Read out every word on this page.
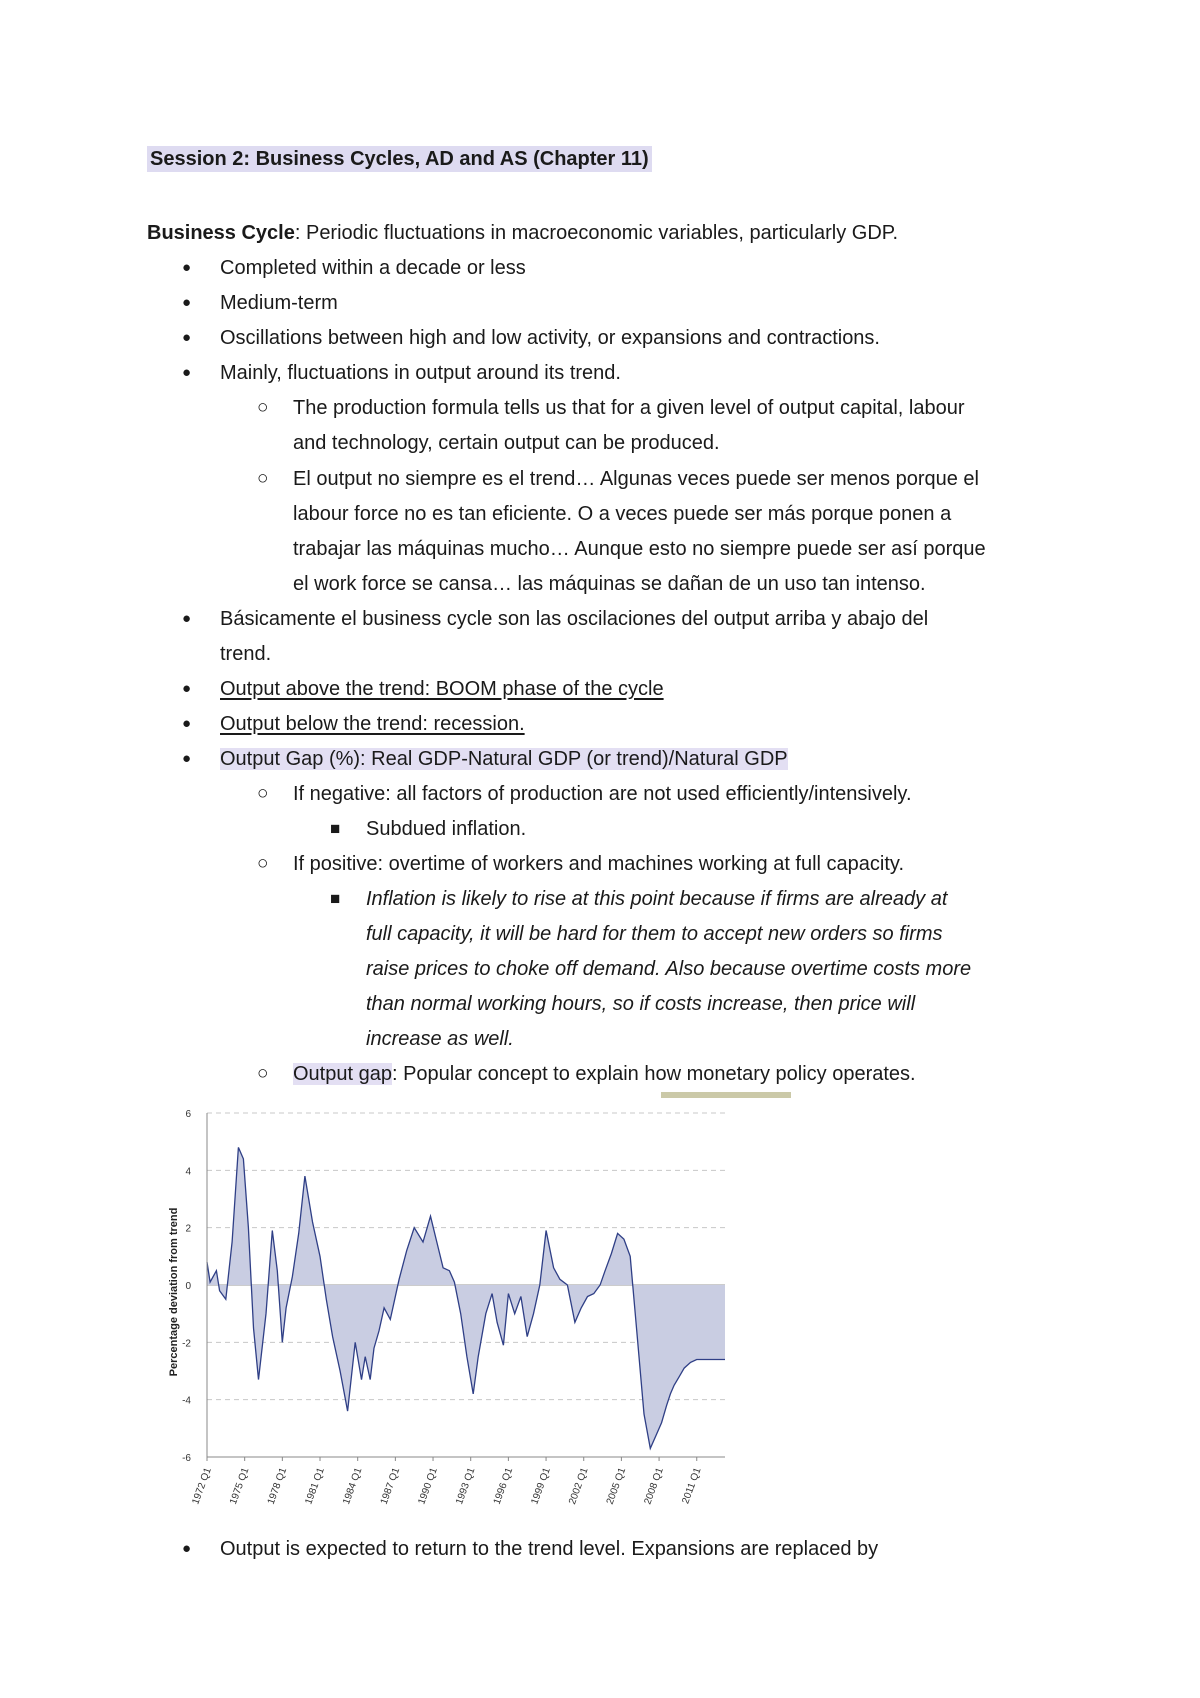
Session 2: Business Cycles, AD and AS (Chapter 11)
Business Cycle: Periodic fluctuations in macroeconomic variables, particularly GDP.
● Completed within a decade or less
● Medium-term
● Oscillations between high and low activity, or expansions and contractions.
● Mainly, fluctuations in output around its trend.
○ The production formula tells us that for a given level of output capital, labour
and technology, certain output can be produced.
○ El output no siempre es el trend… Algunas veces puede ser menos porque el
labour force no es tan eficiente. O a veces puede ser más porque ponen a
trabajar las máquinas mucho… Aunque esto no siempre puede ser así porque
el work force se cansa… las máquinas se dañan de un uso tan intenso.
● Básicamente el business cycle son las oscilaciones del output arriba y abajo del
trend.
● Output above the trend: BOOM phase of the cycle
● Output below the trend: recession.
● Output Gap (%): Real GDP-Natural GDP (or trend)/Natural GDP
○ If negative: all factors of production are not used efficiently/intensively.
■ Subdued inflation.
○ If positive: overtime of workers and machines working at full capacity.
■ Inflation is likely to rise at this point because if firms are already at
full capacity, it will be hard for them to accept new orders so firms
raise prices to choke off demand. Also because overtime costs more
than normal working hours, so if costs increase, then price will
increase as well.
○ Output gap: Popular concept to explain how monetary policy operates.
6
4
2
0
-2
-4
-6
1972 Q1 1975 Q1 1978 Q1 1981 Q1 1984 Q1 1987 Q1 1990 Q1 1993 Q1 1996 Q1 1999 Q1 2002 Q1 2005 Q1 2008 Q1 2011 Q1
Percentage deviation from trend
● Output is expected to return to the trend level. Expansions are replaced by
